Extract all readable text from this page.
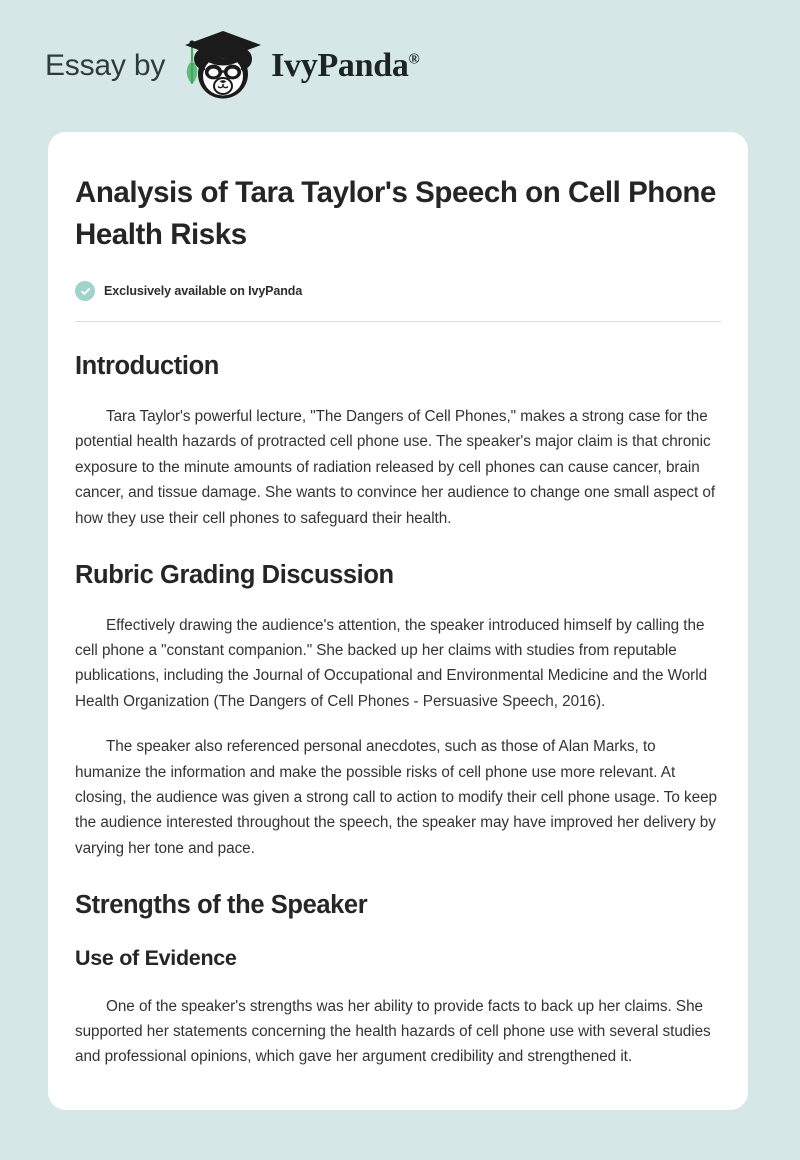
Essay by	IvyPanda®
Analysis of Tara Taylor's Speech on Cell Phone Health Risks
Exclusively available on IvyPanda
Introduction

Tara Taylor's powerful lecture, "The Dangers of Cell Phones," makes a strong case for the potential health hazards of protracted cell phone use. The speaker's major claim is that chronic exposure to the minute amounts of radiation released by cell phones can cause cancer, brain cancer, and tissue damage. She wants to convince her audience to change one small aspect of how they use their cell phones to safeguard their health.

Rubric Grading Discussion

Effectively drawing the audience's attention, the speaker introduced himself by calling the cell phone a "constant companion." She backed up her claims with studies from reputable publications, including the Journal of Occupational and Environmental Medicine and the World Health Organization (The Dangers of Cell Phones - Persuasive Speech, 2016).

The speaker also referenced personal anecdotes, such as those of Alan Marks, to humanize the information and make the possible risks of cell phone use more relevant. At closing, the audience was given a strong call to action to modify their cell phone usage. To keep the audience interested throughout the speech, the speaker may have improved her delivery by varying her tone and pace.

Strengths of the Speaker
Use of Evidence

One of the speaker's strengths was her ability to provide facts to back up her claims. She supported her statements concerning the health hazards of cell phone use with several studies and professional opinions, which gave her argument credibility and strengthened it.
